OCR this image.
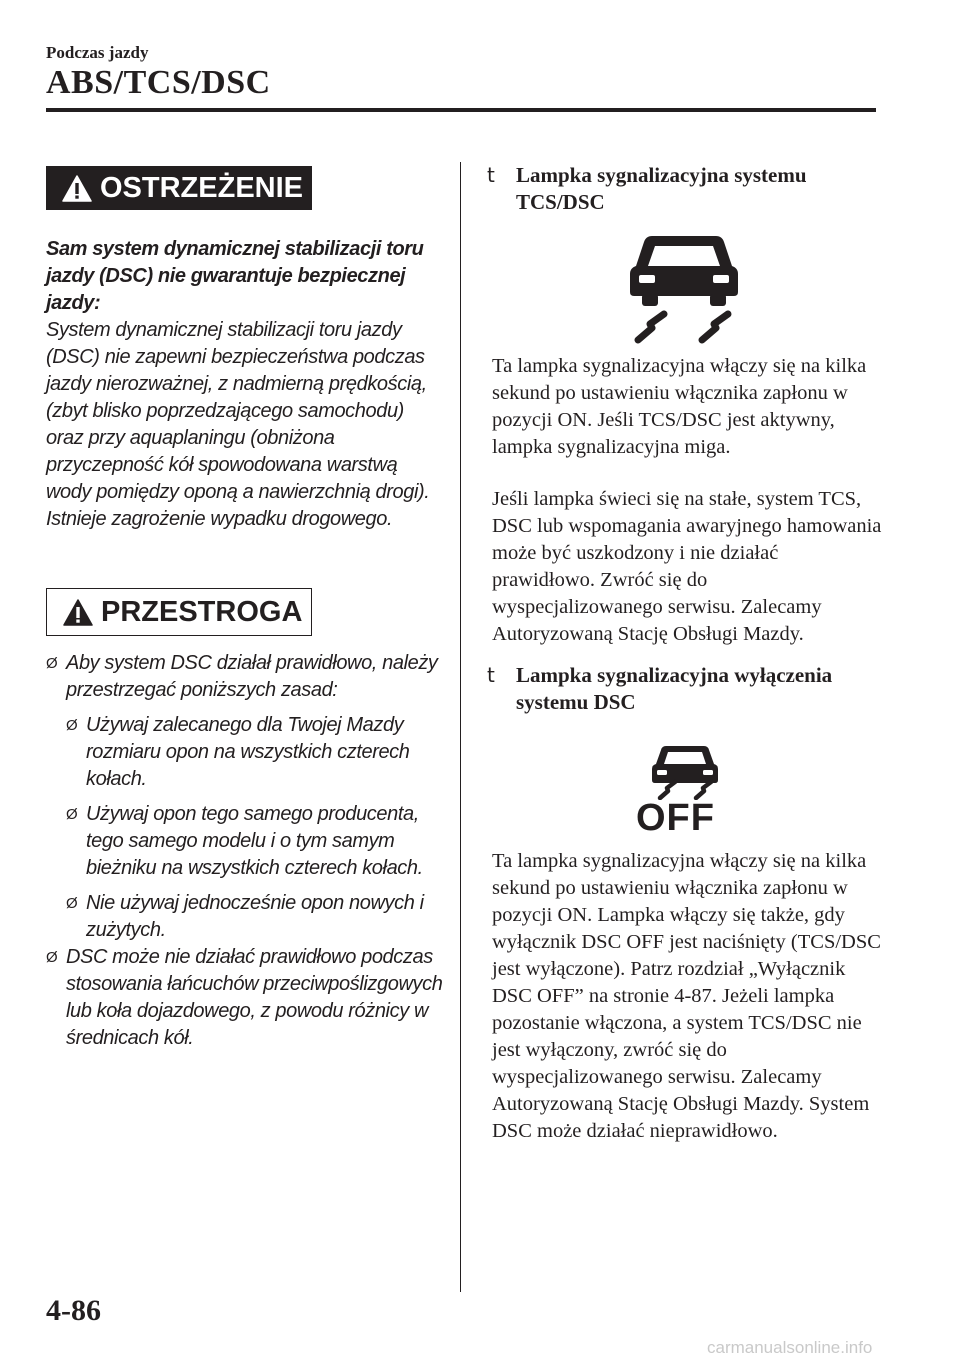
Podczas jazdy
ABS/TCS/DSC
OSTRZEŻENIE
Sam system dynamicznej stabilizacji toru jazdy (DSC) nie gwarantuje bezpiecznej jazdy:
System dynamicznej stabilizacji toru jazdy (DSC) nie zapewni bezpieczeństwa podczas jazdy nierozważnej, z nadmierną prędkością, (zbyt blisko poprzedzającego samochodu) oraz przy aquaplaningu (obniżona przyczepność kół spowodowana warstwą wody pomiędzy oponą a nawierzchnią drogi). Istnieje zagrożenie wypadku drogowego.
PRZESTROGA
Ø Aby system DSC działał prawidłowo, należy przestrzegać poniższych zasad:
Ø Używaj zalecanego dla Twojej Mazdy rozmiaru opon na wszystkich czterech kołach.
Ø Używaj opon tego samego producenta, tego samego modelu i o tym samym bieżniku na wszystkich czterech kołach.
Ø Nie używaj jednocześnie opon nowych i zużytych.
Ø DSC może nie działać prawidłowo podczas stosowania łańcuchów przeciwpoślizgowych lub koła dojazdowego, z powodu różnicy w średnicach kół.
t Lampka sygnalizacyjna systemu TCS/DSC
Ta lampka sygnalizacyjna włączy się na kilka sekund po ustawieniu włącznika zapłonu w pozycji ON. Jeśli TCS/DSC jest aktywny, lampka sygnalizacyjna miga.
Jeśli lampka świeci się na stałe, system TCS, DSC lub wspomagania awaryjnego hamowania może być uszkodzony i nie działać prawidłowo. Zwróć się do wyspecjalizowanego serwisu. Zalecamy Autoryzowaną Stację Obsługi Mazdy.
t Lampka sygnalizacyjna wyłączenia systemu DSC
OFF
Ta lampka sygnalizacyjna włączy się na kilka sekund po ustawieniu włącznika zapłonu w pozycji ON. Lampka włączy się także, gdy wyłącznik DSC OFF jest naciśnięty (TCS/DSC jest wyłączone). Patrz rozdział „Wyłącznik DSC OFF” na stronie 4-87. Jeżeli lampka pozostanie włączona, a system TCS/DSC nie jest wyłączony, zwróć się do wyspecjalizowanego serwisu. Zalecamy Autoryzowaną Stację Obsługi Mazdy. System DSC może działać nieprawidłowo.
4-86
carmanualsonline.info
